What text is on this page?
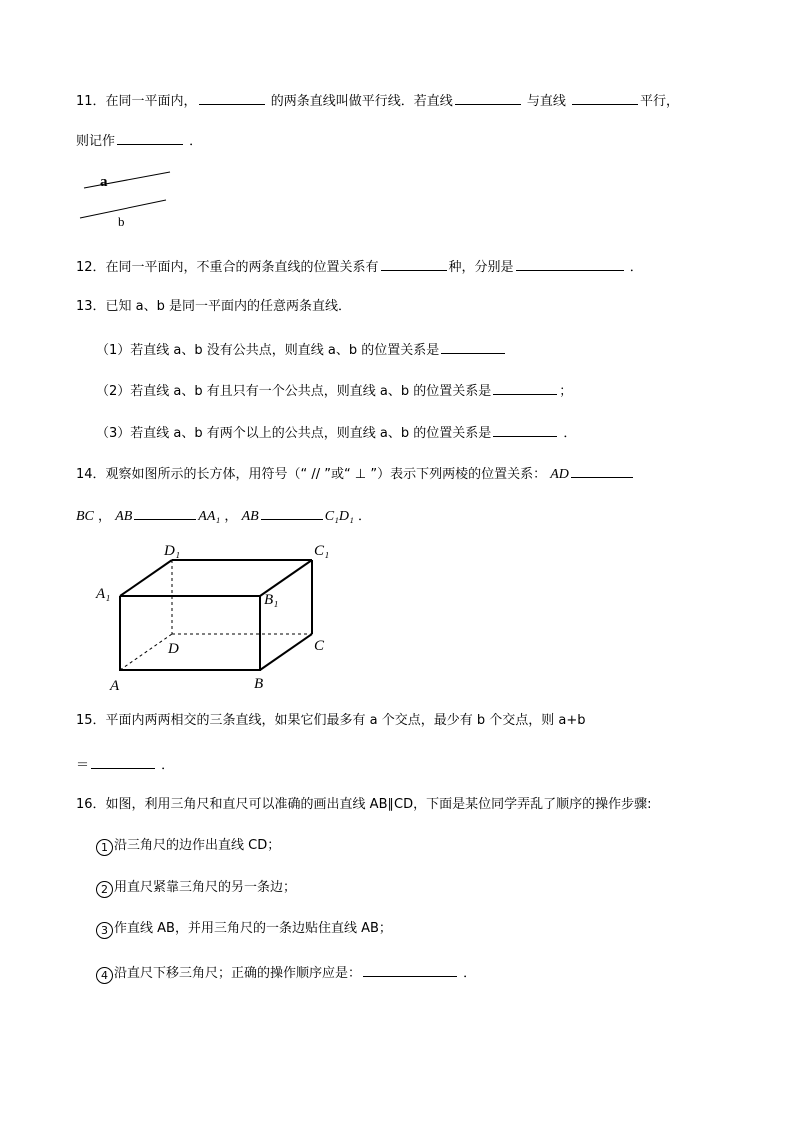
11．在同一平面内，	的两条直线叫做平行线．若直线	与直线	平行，
则记作	．
a
b
12．在同一平面内，不重合的两条直线的位置关系有	种，分别是	．
13．已知 a、b 是同一平面内的任意两条直线．
（1）若直线 a、b 没有公共点，则直线 a、b 的位置关系是
（2）若直线 a、b 有且只有一个公共点，则直线 a、b 的位置关系是	；
（3）若直线 a、b 有两个以上的公共点，则直线 a、b 的位置关系是	．
14．观察如图所示的长方体，用符号（“ // ”或“ ⊥ ”）表示下列两棱的位置关系： AD
BC ， AB	AA₁ ， AB	C₁D₁ ．
D₁	C₁
A₁	B₁
D	C
A	B
15．平面内两两相交的三条直线，如果它们最多有 a 个交点，最少有 b 个交点，则 a+b
＝	．
16．如图，利用三角尺和直尺可以准确的画出直线 AB∥CD，下面是某位同学弄乱了顺序的操作步骤:
1 沿三角尺的边作出直线 CD；
2 用直尺紧靠三角尺的另一条边；
3 作直线 AB，并用三角尺的一条边贴住直线 AB；
4 沿直尺下移三角尺；正确的操作顺序应是：	．
